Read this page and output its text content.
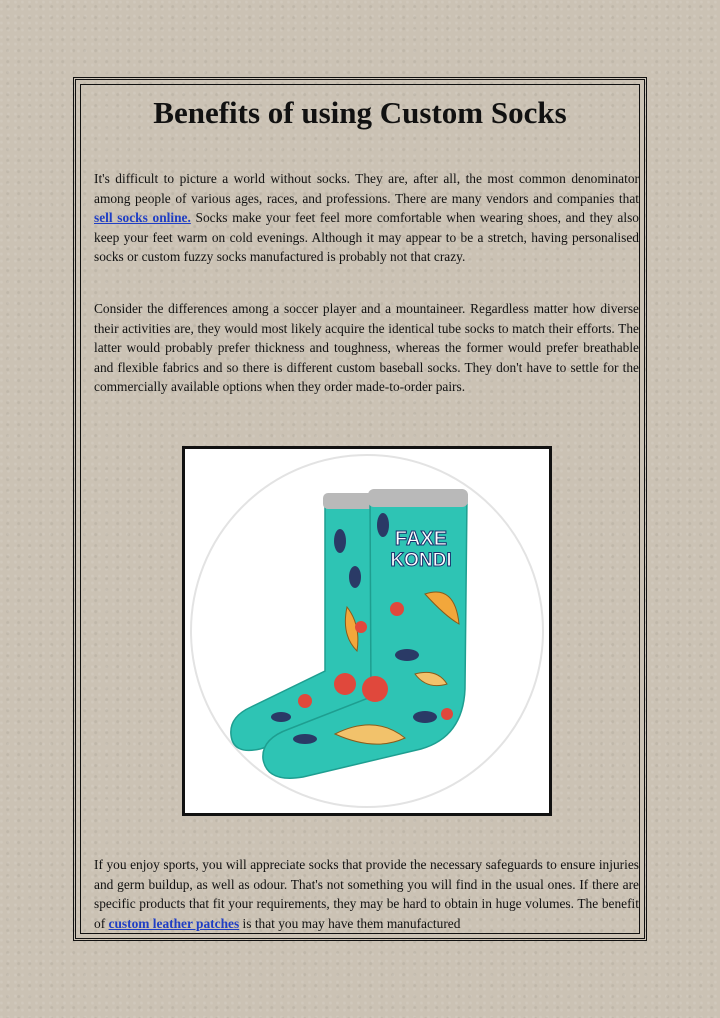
Benefits of using Custom Socks

It's difficult to picture a world without socks. They are, after all, the most common denominator among people of various ages, races, and professions. There are many vendors and companies that sell socks online. Socks make your feet feel more comfortable when wearing shoes, and they also keep your feet warm on cold evenings. Although it may appear to be a stretch, having personalised socks or custom fuzzy socks manufactured is probably not that crazy.

Consider the differences among a soccer player and a mountaineer. Regardless matter how diverse their activities are, they would most likely acquire the identical tube socks to match their efforts. The latter would probably prefer thickness and toughness, whereas the former would prefer breathable and flexible fabrics and so there is different custom baseball socks. They don't have to settle for the commercially available options when they order made-to-order pairs.

FAXE
KONDI

If you enjoy sports, you will appreciate socks that provide the necessary safeguards to ensure injuries and germ buildup, as well as odour. That's not something you will find in the usual ones. If there are specific products that fit your requirements, they may be hard to obtain in huge volumes. The benefit of custom leather patches is that you may have them manufactured
